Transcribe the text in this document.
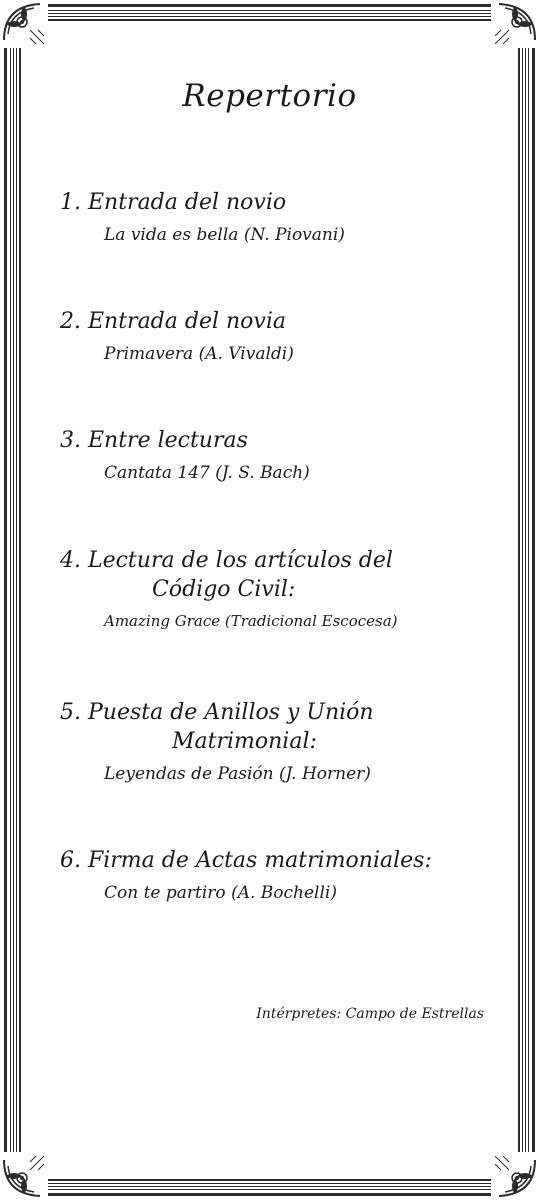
Repertorio
1. Entrada del novio
La vida es bella (N. Piovani)
2. Entrada del novia
Primavera (A. Vivaldi)
3. Entre lecturas
Cantata 147 (J. S. Bach)
4. Lectura de los artículos del
Código Civil:
Amazing Grace (Tradicional Escocesa)
5. Puesta de Anillos y Unión
Matrimonial:
Leyendas de Pasión (J. Horner)
6. Firma de Actas matrimoniales:
Con te partiro (A. Bochelli)
Intérpretes: Campo de Estrellas
